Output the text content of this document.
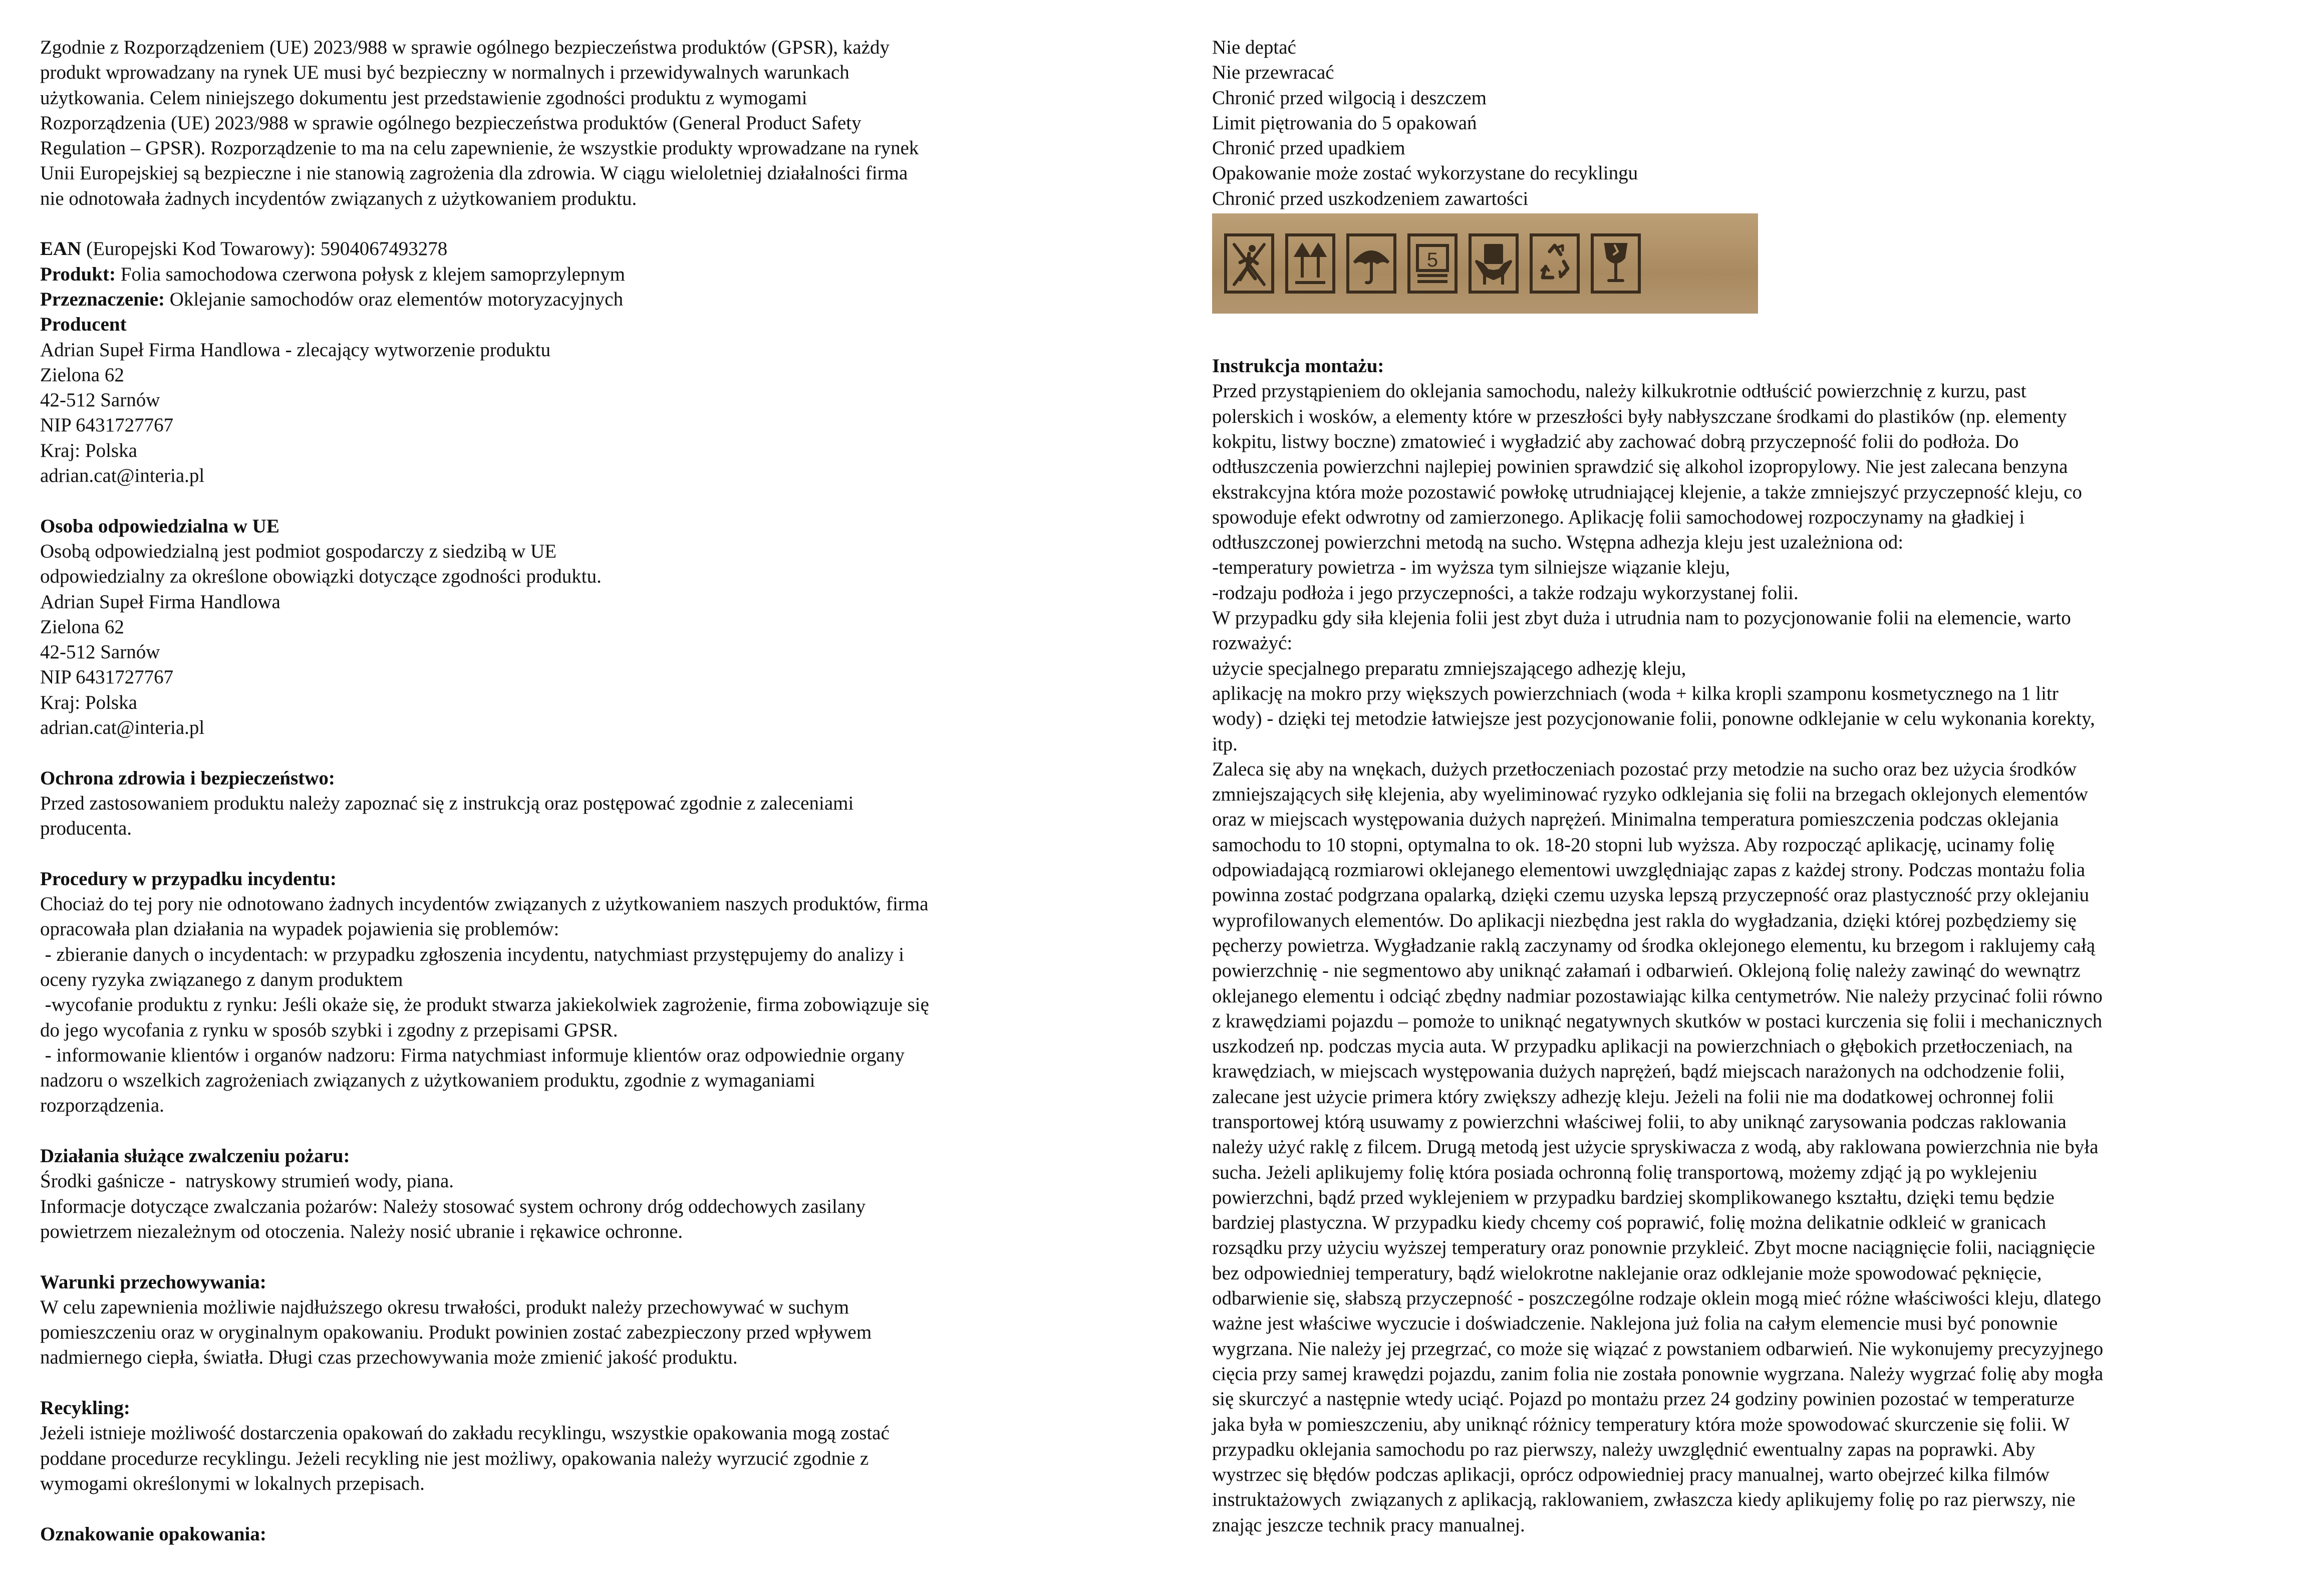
Zgodnie z Rozporządzeniem (UE) 2023/988 w sprawie ogólnego bezpieczeństwa produktów (GPSR), każdy
produkt wprowadzany na rynek UE musi być bezpieczny w normalnych i przewidywalnych warunkach
użytkowania. Celem niniejszego dokumentu jest przedstawienie zgodności produktu z wymogami
Rozporządzenia (UE) 2023/988 w sprawie ogólnego bezpieczeństwa produktów (General Product Safety
Regulation – GPSR). Rozporządzenie to ma na celu zapewnienie, że wszystkie produkty wprowadzane na rynek
Unii Europejskiej są bezpieczne i nie stanowią zagrożenia dla zdrowia. W ciągu wieloletniej działalności firma
nie odnotowała żadnych incydentów związanych z użytkowaniem produktu.
EAN (Europejski Kod Towarowy): 5904067493278
Produkt: Folia samochodowa czerwona połysk z klejem samoprzylepnym
Przeznaczenie: Oklejanie samochodów oraz elementów motoryzacyjnych
Producent
Adrian Supeł Firma Handlowa - zlecający wytworzenie produktu
Zielona 62
42-512 Sarnów
NIP 6431727767
Kraj: Polska
adrian.cat@interia.pl
Osoba odpowiedzialna w UE
Osobą odpowiedzialną jest podmiot gospodarczy z siedzibą w UE
odpowiedzialny za określone obowiązki dotyczące zgodności produktu.
Adrian Supeł Firma Handlowa
Zielona 62
42-512 Sarnów
NIP 6431727767
Kraj: Polska
adrian.cat@interia.pl
Ochrona zdrowia i bezpieczeństwo:
Przed zastosowaniem produktu należy zapoznać się z instrukcją oraz postępować zgodnie z zaleceniami
producenta.
Procedury w przypadku incydentu:
Chociaż do tej pory nie odnotowano żadnych incydentów związanych z użytkowaniem naszych produktów, firma
opracowała plan działania na wypadek pojawienia się problemów:
- zbieranie danych o incydentach: w przypadku zgłoszenia incydentu, natychmiast przystępujemy do analizy i
oceny ryzyka związanego z danym produktem
-wycofanie produktu z rynku: Jeśli okaże się, że produkt stwarza jakiekolwiek zagrożenie, firma zobowiązuje się
do jego wycofania z rynku w sposób szybki i zgodny z przepisami GPSR.
- informowanie klientów i organów nadzoru: Firma natychmiast informuje klientów oraz odpowiednie organy
nadzoru o wszelkich zagrożeniach związanych z użytkowaniem produktu, zgodnie z wymaganiami
rozporządzenia.
Działania służące zwalczeniu pożaru:
Środki gaśnicze -  natryskowy strumień wody, piana.
Informacje dotyczące zwalczania pożarów: Należy stosować system ochrony dróg oddechowych zasilany
powietrzem niezależnym od otoczenia. Należy nosić ubranie i rękawice ochronne.
Warunki przechowywania:
W celu zapewnienia możliwie najdłuższego okresu trwałości, produkt należy przechowywać w suchym
pomieszczeniu oraz w oryginalnym opakowaniu. Produkt powinien zostać zabezpieczony przed wpływem
nadmiernego ciepła, światła. Długi czas przechowywania może zmienić jakość produktu.
Recykling:
Jeżeli istnieje możliwość dostarczenia opakowań do zakładu recyklingu, wszystkie opakowania mogą zostać
poddane procedurze recyklingu. Jeżeli recykling nie jest możliwy, opakowania należy wyrzucić zgodnie z
wymogami określonymi w lokalnych przepisach.
Oznakowanie opakowania:
Nie deptać
Nie przewracać
Chronić przed wilgocią i deszczem
Limit piętrowania do 5 opakowań
Chronić przed upadkiem
Opakowanie może zostać wykorzystane do recyklingu
Chronić przed uszkodzeniem zawartości
5
Instrukcja montażu:
Przed przystąpieniem do oklejania samochodu, należy kilkukrotnie odtłuścić powierzchnię z kurzu, past
polerskich i wosków, a elementy które w przeszłości były nabłyszczane środkami do plastików (np. elementy
kokpitu, listwy boczne) zmatowieć i wygładzić aby zachować dobrą przyczepność folii do podłoża. Do
odtłuszczenia powierzchni najlepiej powinien sprawdzić się alkohol izopropylowy. Nie jest zalecana benzyna
ekstrakcyjna która może pozostawić powłokę utrudniającej klejenie, a także zmniejszyć przyczepność kleju, co
spowoduje efekt odwrotny od zamierzonego. Aplikację folii samochodowej rozpoczynamy na gładkiej i
odtłuszczonej powierzchni metodą na sucho. Wstępna adhezja kleju jest uzależniona od:
-temperatury powietrza - im wyższa tym silniejsze wiązanie kleju,
-rodzaju podłoża i jego przyczepności, a także rodzaju wykorzystanej folii.
W przypadku gdy siła klejenia folii jest zbyt duża i utrudnia nam to pozycjonowanie folii na elemencie, warto
rozważyć:
użycie specjalnego preparatu zmniejszającego adhezję kleju,
aplikację na mokro przy większych powierzchniach (woda + kilka kropli szamponu kosmetycznego na 1 litr
wody) - dzięki tej metodzie łatwiejsze jest pozycjonowanie folii, ponowne odklejanie w celu wykonania korekty,
itp.
Zaleca się aby na wnękach, dużych przetłoczeniach pozostać przy metodzie na sucho oraz bez użycia środków
zmniejszających siłę klejenia, aby wyeliminować ryzyko odklejania się folii na brzegach oklejonych elementów
oraz w miejscach występowania dużych naprężeń. Minimalna temperatura pomieszczenia podczas oklejania
samochodu to 10 stopni, optymalna to ok. 18-20 stopni lub wyższa. Aby rozpocząć aplikację, ucinamy folię
odpowiadającą rozmiarowi oklejanego elementowi uwzględniając zapas z każdej strony. Podczas montażu folia
powinna zostać podgrzana opalarką, dzięki czemu uzyska lepszą przyczepność oraz plastyczność przy oklejaniu
wyprofilowanych elementów. Do aplikacji niezbędna jest rakla do wygładzania, dzięki której pozbędziemy się
pęcherzy powietrza. Wygładzanie raklą zaczynamy od środka oklejonego elementu, ku brzegom i raklujemy całą
powierzchnię - nie segmentowo aby uniknąć załamań i odbarwień. Oklejoną folię należy zawinąć do wewnątrz
oklejanego elementu i odciąć zbędny nadmiar pozostawiając kilka centymetrów. Nie należy przycinać folii równo
z krawędziami pojazdu – pomoże to uniknąć negatywnych skutków w postaci kurczenia się folii i mechanicznych
uszkodzeń np. podczas mycia auta. W przypadku aplikacji na powierzchniach o głębokich przetłoczeniach, na
krawędziach, w miejscach występowania dużych naprężeń, bądź miejscach narażonych na odchodzenie folii,
zalecane jest użycie primera który zwiększy adhezję kleju. Jeżeli na folii nie ma dodatkowej ochronnej folii
transportowej którą usuwamy z powierzchni właściwej folii, to aby uniknąć zarysowania podczas raklowania
należy użyć raklę z filcem. Drugą metodą jest użycie spryskiwacza z wodą, aby raklowana powierzchnia nie była
sucha. Jeżeli aplikujemy folię która posiada ochronną folię transportową, możemy zdjąć ją po wyklejeniu
powierzchni, bądź przed wyklejeniem w przypadku bardziej skomplikowanego kształtu, dzięki temu będzie
bardziej plastyczna. W przypadku kiedy chcemy coś poprawić, folię można delikatnie odkleić w granicach
rozsądku przy użyciu wyższej temperatury oraz ponownie przykleić. Zbyt mocne naciągnięcie folii, naciągnięcie
bez odpowiedniej temperatury, bądź wielokrotne naklejanie oraz odklejanie może spowodować pęknięcie,
odbarwienie się, słabszą przyczepność - poszczególne rodzaje oklein mogą mieć różne właściwości kleju, dlatego
ważne jest właściwe wyczucie i doświadczenie. Naklejona już folia na całym elemencie musi być ponownie
wygrzana. Nie należy jej przegrzać, co może się wiązać z powstaniem odbarwień. Nie wykonujemy precyzyjnego
cięcia przy samej krawędzi pojazdu, zanim folia nie została ponownie wygrzana. Należy wygrzać folię aby mogła
się skurczyć a następnie wtedy uciąć. Pojazd po montażu przez 24 godziny powinien pozostać w temperaturze
jaka była w pomieszczeniu, aby uniknąć różnicy temperatury która może spowodować skurczenie się folii. W
przypadku oklejania samochodu po raz pierwszy, należy uwzględnić ewentualny zapas na poprawki. Aby
wystrzec się błędów podczas aplikacji, oprócz odpowiedniej pracy manualnej, warto obejrzeć kilka filmów
instruktażowych  związanych z aplikacją, raklowaniem, zwłaszcza kiedy aplikujemy folię po raz pierwszy, nie
znając jeszcze technik pracy manualnej.
